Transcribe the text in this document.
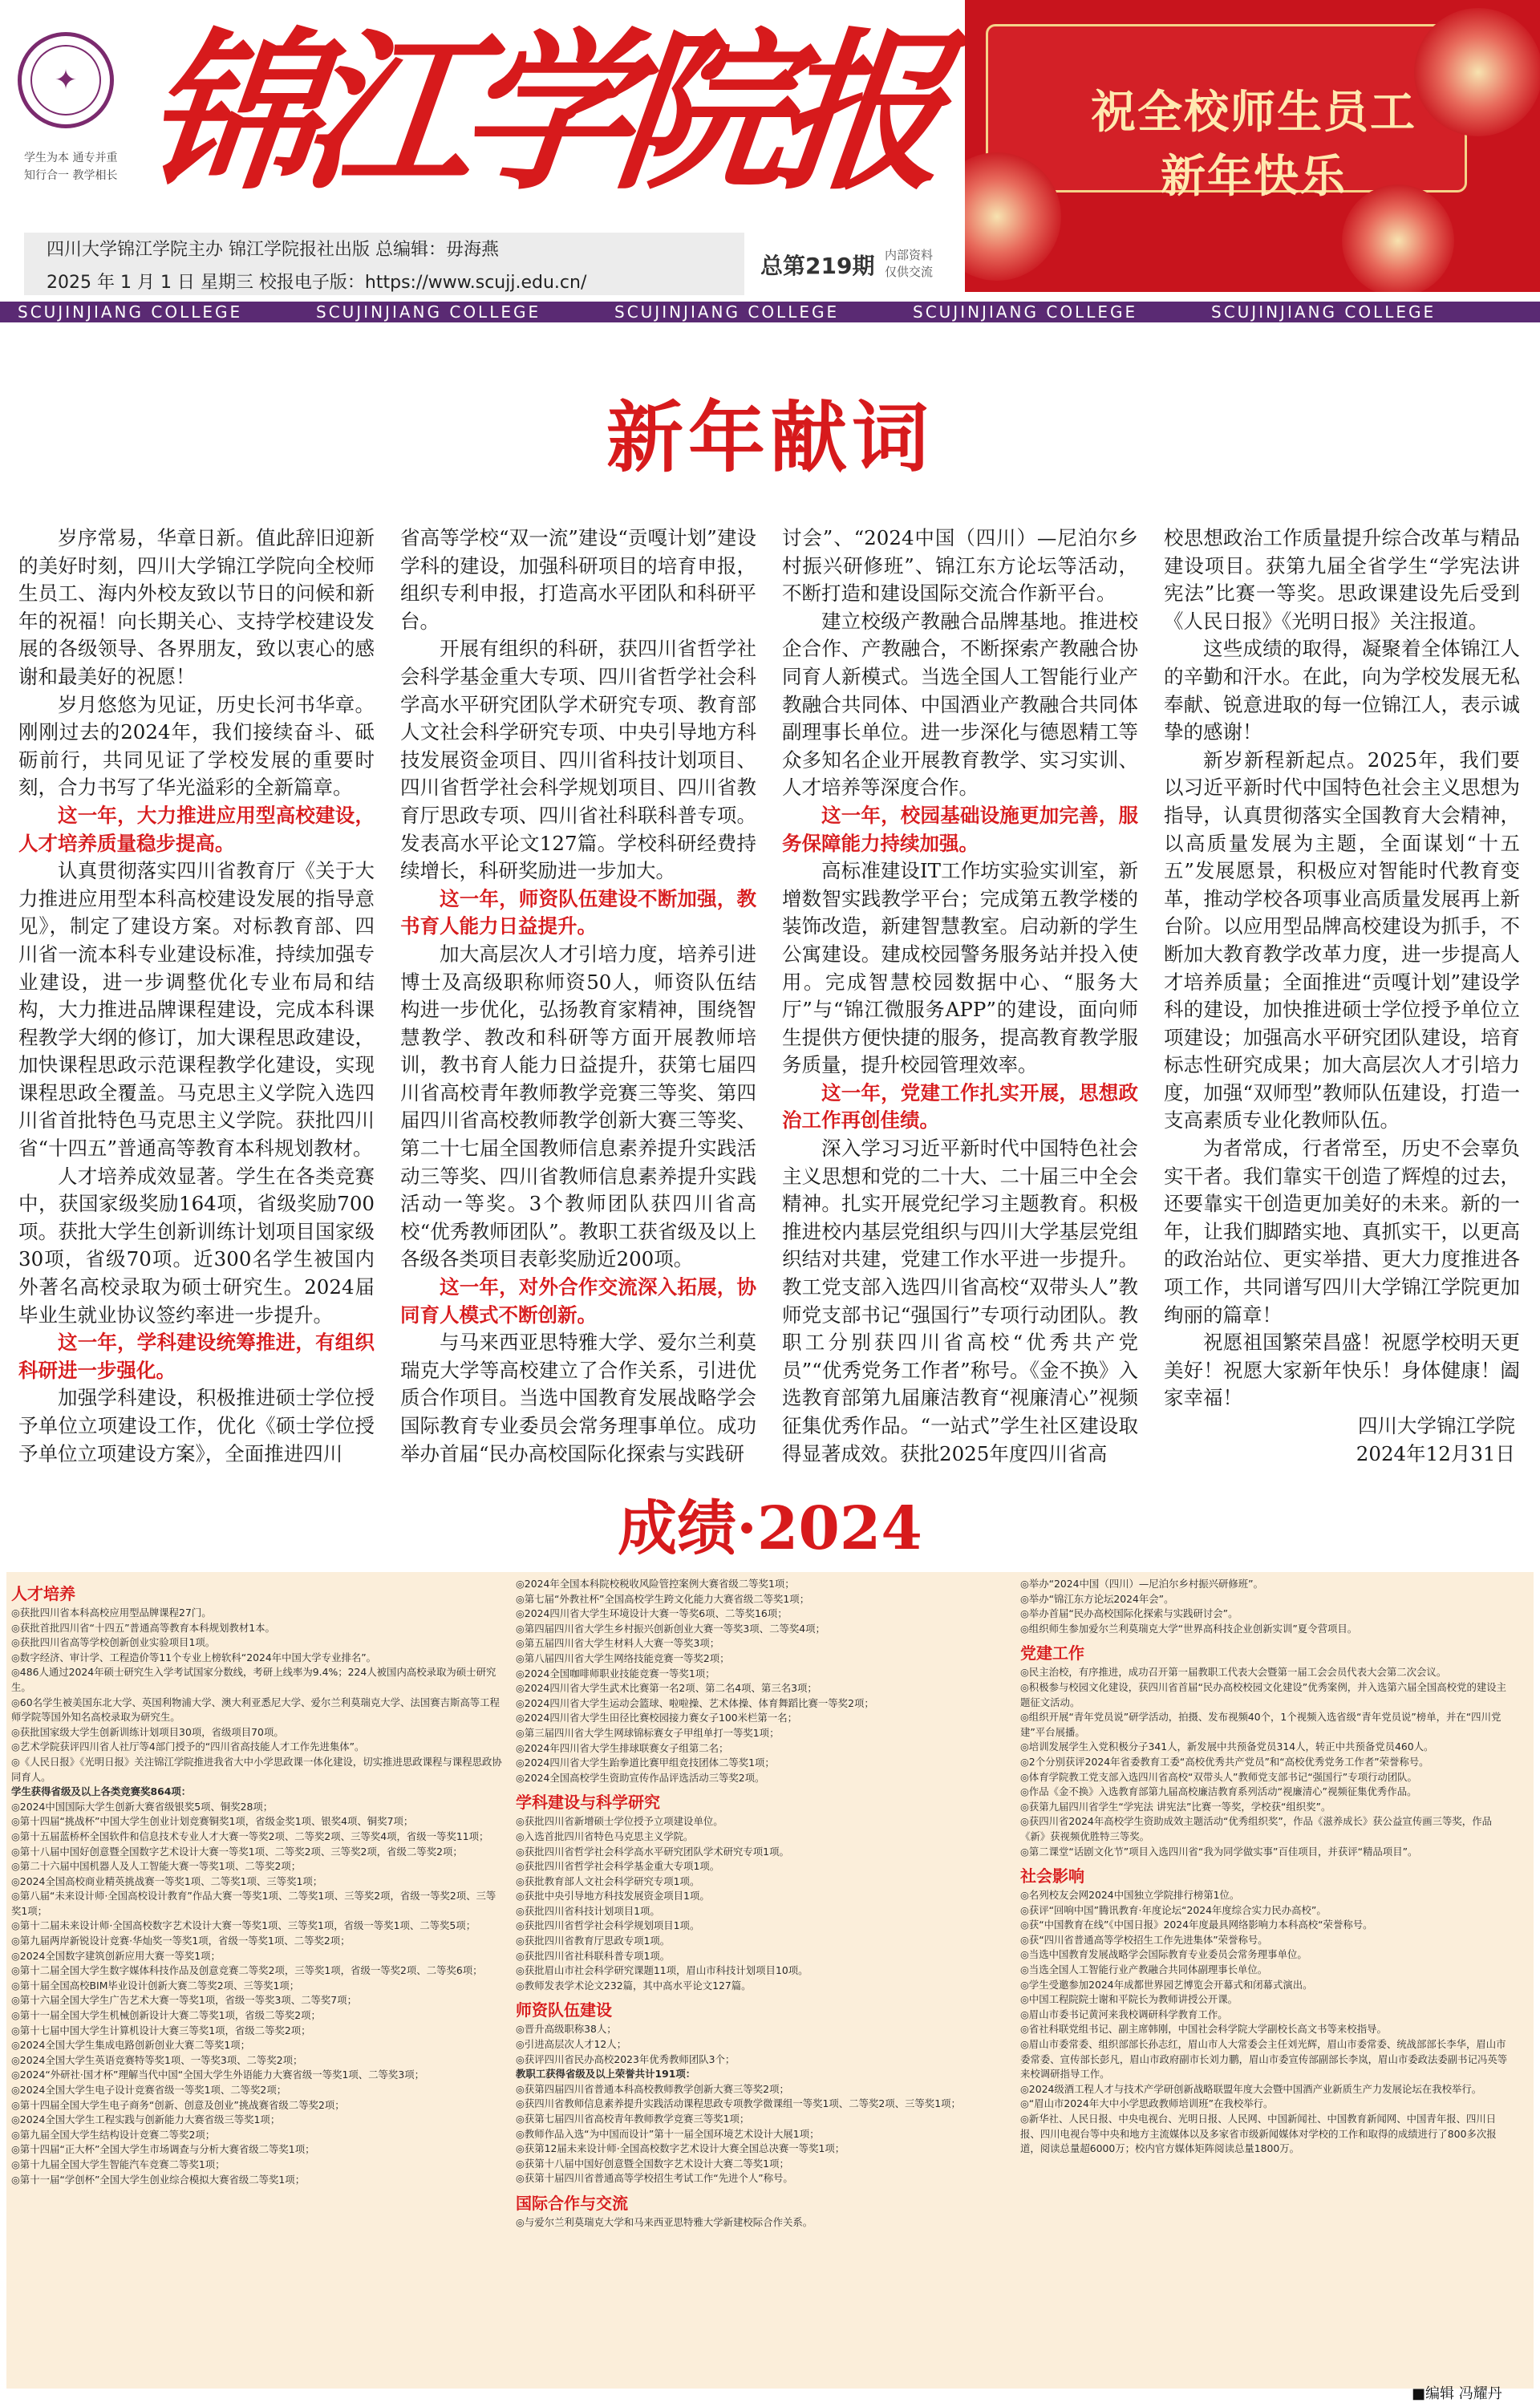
✦
学生为本 通专并重
知行合一 教学相长 锦江学院报
四川大学锦江学院主办 锦江学院报社出版 总编辑：毋海燕
2025 年 1 月 1 日 星期三 校报电子版：https://www.scujj.edu.cn/
总第219期 内部资料
仅供交流
祝全校师生员工
新年快乐
SCUJINJIANG COLLEGE	SCUJINJIANG COLLEGE	SCUJINJIANG COLLEGE	SCUJINJIANG COLLEGE	SCUJINJIANG COLLEGE
新年献词

岁序常易，华章日新。值此辞旧迎新的美好时刻，四川大学锦江学院向全校师生员工、海内外校友致以节日的问候和新年的祝福！向长期关心、支持学校建设发展的各级领导、各界朋友，致以衷心的感谢和最美好的祝愿！

岁月悠悠为见证，历史长河书华章。刚刚过去的2024年，我们接续奋斗、砥砺前行，共同见证了学校发展的重要时刻，合力书写了华光溢彩的全新篇章。

这一年，大力推进应用型高校建设，人才培养质量稳步提高。

认真贯彻落实四川省教育厅《关于大力推进应用型本科高校建设发展的指导意见》，制定了建设方案。对标教育部、四川省一流本科专业建设标准，持续加强专业建设，进一步调整优化专业布局和结构，大力推进品牌课程建设，完成本科课程教学大纲的修订，加大课程思政建设，加快课程思政示范课程教学化建设，实现课程思政全覆盖。马克思主义学院入选四川省首批特色马克思主义学院。获批四川省“十四五”普通高等教育本科规划教材。

人才培养成效显著。学生在各类竞赛中，获国家级奖励164项，省级奖励700项。获批大学生创新训练计划项目国家级30项，省级70项。近300名学生被国内外著名高校录取为硕士研究生。2024届毕业生就业协议签约率进一步提升。

这一年，学科建设统筹推进，有组织科研进一步强化。

加强学科建设，积极推进硕士学位授予单位立项建设工作，优化《硕士学位授予单位立项建设方案》，全面推进四川

省高等学校“双一流”建设“贡嘎计划”建设学科的建设，加强科研项目的培育申报，组织专利申报，打造高水平团队和科研平台。

开展有组织的科研，获四川省哲学社会科学基金重大专项、四川省哲学社会科学高水平研究团队学术研究专项、教育部人文社会科学研究专项、中央引导地方科技发展资金项目、四川省科技计划项目、四川省哲学社会科学规划项目、四川省教育厅思政专项、四川省社科联科普专项。发表高水平论文127篇。学校科研经费持续增长，科研奖励进一步加大。

这一年，师资队伍建设不断加强，教书育人能力日益提升。

加大高层次人才引培力度，培养引进博士及高级职称师资50人，师资队伍结构进一步优化，弘扬教育家精神，围绕智慧教学、教改和科研等方面开展教师培训，教书育人能力日益提升，获第七届四川省高校青年教师教学竞赛三等奖、第四届四川省高校教师教学创新大赛三等奖、第二十七届全国教师信息素养提升实践活动三等奖、四川省教师信息素养提升实践活动一等奖。3个教师团队获四川省高校“优秀教师团队”。教职工获省级及以上各级各类项目表彰奖励近200项。

这一年，对外合作交流深入拓展，协同育人模式不断创新。

与马来西亚思特雅大学、爱尔兰利莫瑞克大学等高校建立了合作关系，引进优质合作项目。当选中国教育发展战略学会国际教育专业委员会常务理事单位。成功举办首届“民办高校国际化探索与实践研

讨会”、“2024中国（四川）—尼泊尔乡村振兴研修班”、锦江东方论坛等活动，不断打造和建设国际交流合作新平台。

建立校级产教融合品牌基地。推进校企合作、产教融合，不断探索产教融合协同育人新模式。当选全国人工智能行业产教融合共同体、中国酒业产教融合共同体副理事长单位。进一步深化与德恩精工等众多知名企业开展教育教学、实习实训、人才培养等深度合作。

这一年，校园基础设施更加完善，服务保障能力持续加强。

高标准建设IT工作坊实验实训室，新增数智实践教学平台；完成第五教学楼的装饰改造，新建智慧教室。启动新的学生公寓建设。建成校园警务服务站并投入使用。完成智慧校园数据中心、“服务大厅”与“锦江微服务APP”的建设，面向师生提供方便快捷的服务，提高教育教学服务质量，提升校园管理效率。

这一年，党建工作扎实开展，思想政治工作再创佳绩。

深入学习习近平新时代中国特色社会主义思想和党的二十大、二十届三中全会精神。扎实开展党纪学习主题教育。积极推进校内基层党组织与四川大学基层党组织结对共建，党建工作水平进一步提升。教工党支部入选四川省高校“双带头人”教师党支部书记“强国行”专项行动团队。教职工分别获四川省高校“优秀共产党员”“优秀党务工作者”称号。《金不换》入选教育部第九届廉洁教育“视廉清心”视频征集优秀作品。“一站式”学生社区建设取得显著成效。获批2025年度四川省高

校思想政治工作质量提升综合改革与精品建设项目。获第九届全省学生“学宪法讲宪法”比赛一等奖。思政课建设先后受到《人民日报》《光明日报》关注报道。

这些成绩的取得，凝聚着全体锦江人的辛勤和汗水。在此，向为学校发展无私奉献、锐意进取的每一位锦江人，表示诚挚的感谢！

新岁新程新起点。2025年，我们要以习近平新时代中国特色社会主义思想为指导，认真贯彻落实全国教育大会精神，以高质量发展为主题，全面谋划“十五五”发展愿景，积极应对智能时代教育变革，推动学校各项事业高质量发展再上新台阶。以应用型品牌高校建设为抓手，不断加大教育教学改革力度，进一步提高人才培养质量；全面推进“贡嘎计划”建设学科的建设，加快推进硕士学位授予单位立项建设；加强高水平研究团队建设，培育标志性研究成果；加大高层次人才引培力度，加强“双师型”教师队伍建设，打造一支高素质专业化教师队伍。

为者常成，行者常至，历史不会辜负实干者。我们靠实干创造了辉煌的过去，还要靠实干创造更加美好的未来。新的一年，让我们脚踏实地、真抓实干，以更高的政治站位、更实举措、更大力度推进各项工作，共同谱写四川大学锦江学院更加绚丽的篇章！

祝愿祖国繁荣昌盛！祝愿学校明天更美好！祝愿大家新年快乐！身体健康！阖家幸福！

四川大学锦江学院

2024年12月31日

成绩·2024
人才培养
◎获批四川省本科高校应用型品牌课程27门。
◎获批首批四川省“十四五”普通高等教育本科规划教材1本。
◎获批四川省高等学校创新创业实验项目1项。
◎数字经济、审计学、工程造价等11个专业上榜软科“2024年中国大学专业排名”。
◎486人通过2024年硕士研究生入学考试国家分数线，考研上线率为9.4%；224人被国内高校录取为硕士研究生。
◎60名学生被美国东北大学、英国利物浦大学、澳大利亚悉尼大学、爱尔兰利莫瑞克大学、法国赛吉斯高等工程师学院等国外知名高校录取为研究生。
◎获批国家级大学生创新训练计划项目30项，省级项目70项。
◎艺术学院获评四川省人社厅等4部门授予的“四川省高技能人才工作先进集体”。
◎《人民日报》《光明日报》关注锦江学院推进我省大中小学思政课一体化建设，切实推进思政课程与课程思政协同育人。
学生获得省级及以上各类竞赛奖864项：
◎2024中国国际大学生创新大赛省级银奖5项、铜奖28项；
◎第十四届“挑战杯”中国大学生创业计划竞赛铜奖1项，省级金奖1项、银奖4项、铜奖7项；
◎第十五届蓝桥杯全国软件和信息技术专业人才大赛一等奖2项、二等奖2项、三等奖4项，省级一等奖11项；
◎第十八届中国好创意暨全国数字艺术设计大赛一等奖1项、二等奖2项、三等奖2项，省级二等奖2项；
◎第二十六届中国机器人及人工智能大赛一等奖1项、二等奖2项；
◎2024全国高校商业精英挑战赛一等奖1项、二等奖1项、三等奖1项；
◎第八届“未来设计师·全国高校设计教育”作品大赛一等奖1项、二等奖1项、三等奖2项，省级一等奖2项、三等奖1项；
◎第十二届未来设计师·全国高校数字艺术设计大赛一等奖1项、三等奖1项，省级一等奖1项、二等奖5项；
◎第九届两岸新锐设计竞赛·华灿奖一等奖1项，省级一等奖1项、二等奖2项；
◎2024全国数字建筑创新应用大赛一等奖1项；
◎第十二届全国大学生数字媒体科技作品及创意竞赛二等奖2项，三等奖1项，省级一等奖2项、二等奖6项；
◎第十届全国高校BIM毕业设计创新大赛二等奖2项、三等奖1项；
◎第十六届全国大学生广告艺术大赛一等奖1项，省级一等奖3项、二等奖7项；
◎第十一届全国大学生机械创新设计大赛二等奖1项，省级二等奖2项；
◎第十七届中国大学生计算机设计大赛三等奖1项，省级二等奖2项；
◎2024全国大学生集成电路创新创业大赛二等奖1项；
◎2024全国大学生英语竞赛特等奖1项、一等奖3项、二等奖2项；
◎2024“外研社·国才杯”理解当代中国“全国大学生外语能力大赛省级一等奖1项、二等奖3项；
◎2024全国大学生电子设计竞赛省级一等奖1项、二等奖2项；
◎第十四届全国大学生电子商务“创新、创意及创业”挑战赛省级二等奖2项；
◎2024全国大学生工程实践与创新能力大赛省级三等奖1项；
◎第九届全国大学生结构设计竞赛二等奖2项；
◎第十四届“正大杯”全国大学生市场调查与分析大赛省级二等奖1项；
◎第十九届全国大学生智能汽车竞赛二等奖1项；
◎第十一届“学创杯”全国大学生创业综合模拟大赛省级二等奖1项；
◎2024年全国本科院校税收风险管控案例大赛省级二等奖1项；
◎第七届“外教社杯”全国高校学生跨文化能力大赛省级二等奖1项；
◎2024四川省大学生环境设计大赛一等奖6项、二等奖16项；
◎第四届四川省大学生乡村振兴创新创业大赛一等奖3项、二等奖4项；
◎第五届四川省大学生材料人大赛一等奖3项；
◎第八届四川省大学生网络技能竞赛一等奖2项；
◎2024全国咖啡师职业技能竞赛一等奖1项；
◎2024四川省大学生武术比赛第一名2项、第二名4项、第三名3项；
◎2024四川省大学生运动会篮球、啦啦操、艺术体操、体育舞蹈比赛一等奖2项；
◎2024四川省大学生田径比赛校园接力赛女子100米栏第一名；
◎第三届四川省大学生网球锦标赛女子甲组单打一等奖1项；
◎2024年四川省大学生排球联赛女子组第二名；
◎2024四川省大学生跆拳道比赛甲组竞技团体二等奖1项；
◎2024全国高校学生资助宣传作品评选活动三等奖2项。
学科建设与科学研究
◎获批四川省新增硕士学位授予立项建设单位。
◎入选首批四川省特色马克思主义学院。
◎获批四川省哲学社会科学高水平研究团队学术研究专项1项。
◎获批四川省哲学社会科学基金重大专项1项。
◎获批教育部人文社会科学研究专项1项。
◎获批中央引导地方科技发展资金项目1项。
◎获批四川省科技计划项目1项。
◎获批四川省哲学社会科学规划项目1项。
◎获批四川省教育厅思政专项1项。
◎获批四川省社科联科普专项1项。
◎获批眉山市社会科学研究课题11项，眉山市科技计划项目10项。
◎教师发表学术论文232篇，其中高水平论文127篇。
师资队伍建设
◎晋升高级职称38人；
◎引进高层次人才12人；
◎获评四川省民办高校2023年优秀教师团队3个；
教职工获得省级及以上荣誉共计191项：
◎获第四届四川省普通本科高校教师教学创新大赛三等奖2项；
◎获四川省教师信息素养提升实践活动课程思政专项教学微课组一等奖1项、二等奖2项、三等奖1项；
◎获第七届四川省高校青年教师教学竞赛三等奖1项；
◎教师作品入选“为中国而设计”第十一届全国环境艺术设计大展1项；
◎获第12届未来设计师·全国高校数字艺术设计大赛全国总决赛一等奖1项；
◎获第十八届中国好创意暨全国数字艺术设计大赛二等奖1项；
◎获第十届四川省普通高等学校招生考试工作“先进个人”称号。
国际合作与交流
◎与爱尔兰利莫瑞克大学和马来西亚思特雅大学新建校际合作关系。
◎举办“2024中国（四川）—尼泊尔乡村振兴研修班”。
◎举办“锦江东方论坛2024年会”。
◎举办首届“民办高校国际化探索与实践研讨会”。
◎组织师生参加爱尔兰利莫瑞克大学“世界高科技企业创新实训”夏令营项目。
党建工作
◎民主治校，有序推进，成功召开第一届教职工代表大会暨第一届工会会员代表大会第二次会议。
◎积极参与校园文化建设，获四川省首届“民办高校校园文化建设”优秀案例，并入选第六届全国高校党的建设主题征文活动。
◎组织开展“青年党员说”研学活动，拍摄、发布视频40个，1个视频入选省级“青年党员说”榜单，并在“四川党建”平台展播。
◎培训发展学生入党积极分子341人，新发展中共预备党员314人，转正中共预备党员460人。
◎2个分别获评2024年省委教育工委“高校优秀共产党员”和“高校优秀党务工作者”荣誉称号。
◎体育学院教工党支部入选四川省高校“双带头人”教师党支部书记“强国行”专项行动团队。
◎作品《金不换》入选教育部第九届高校廉洁教育系列活动“视廉清心”视频征集优秀作品。
◎获第九届四川省学生“学宪法 讲宪法”比赛一等奖，学校获“组织奖”。
◎获四川省2024年高校学生资助成效主题活动“优秀组织奖”，作品《滋养成长》获公益宣传画三等奖，作品《新》获视频优胜特三等奖。
◎第二课堂“话剧文化节”项目入选四川省“我为同学做实事”百佳项目，并获评“精品项目”。
社会影响
◎名列校友会网2024中国独立学院排行榜第1位。
◎获评“回响中国”腾讯教育·年度论坛“2024年度综合实力民办高校”。
◎获“中国教育在线”《中国日报》2024年度最具网络影响力本科高校“荣誉称号。
◎获“四川省普通高等学校招生工作先进集体”荣誉称号。
◎当选中国教育发展战略学会国际教育专业委员会常务理事单位。
◎当选全国人工智能行业产教融合共同体副理事长单位。
◎学生受邀参加2024年成都世界园艺博览会开幕式和闭幕式演出。
◎中国工程院院士谢和平院长为教师讲授公开课。
◎眉山市委书记黄河来我校调研科学教育工作。
◎省社科联党组书记、副主席韩刚，中国社会科学院大学副校长高文书等来校指导。
◎眉山市委常委、组织部部长孙志红，眉山市人大常委会主任刘光辉，眉山市委常委、统战部部长李华，眉山市委常委、宣传部长彭凡，眉山市政府副市长刘力鹏，眉山市委宣传部副部长李岚，眉山市委政法委副书记冯英等来校调研指导工作。
◎2024级酒工程人才与技术产学研创新战略联盟年度大会暨中国酒产业新质生产力发展论坛在我校举行。
◎“眉山市2024年大中小学思政教师培训班”在我校举行。
◎新华社、人民日报、中央电视台、光明日报、人民网、中国新闻社、中国教育新闻网、中国青年报、四川日报、四川电视台等中央和地方主流媒体以及多家省市级新闻媒体对学校的工作和取得的成绩进行了800多次报道，阅读总量超6000万；校内官方媒体矩阵阅读总量1800万。
■编辑 冯耀丹
